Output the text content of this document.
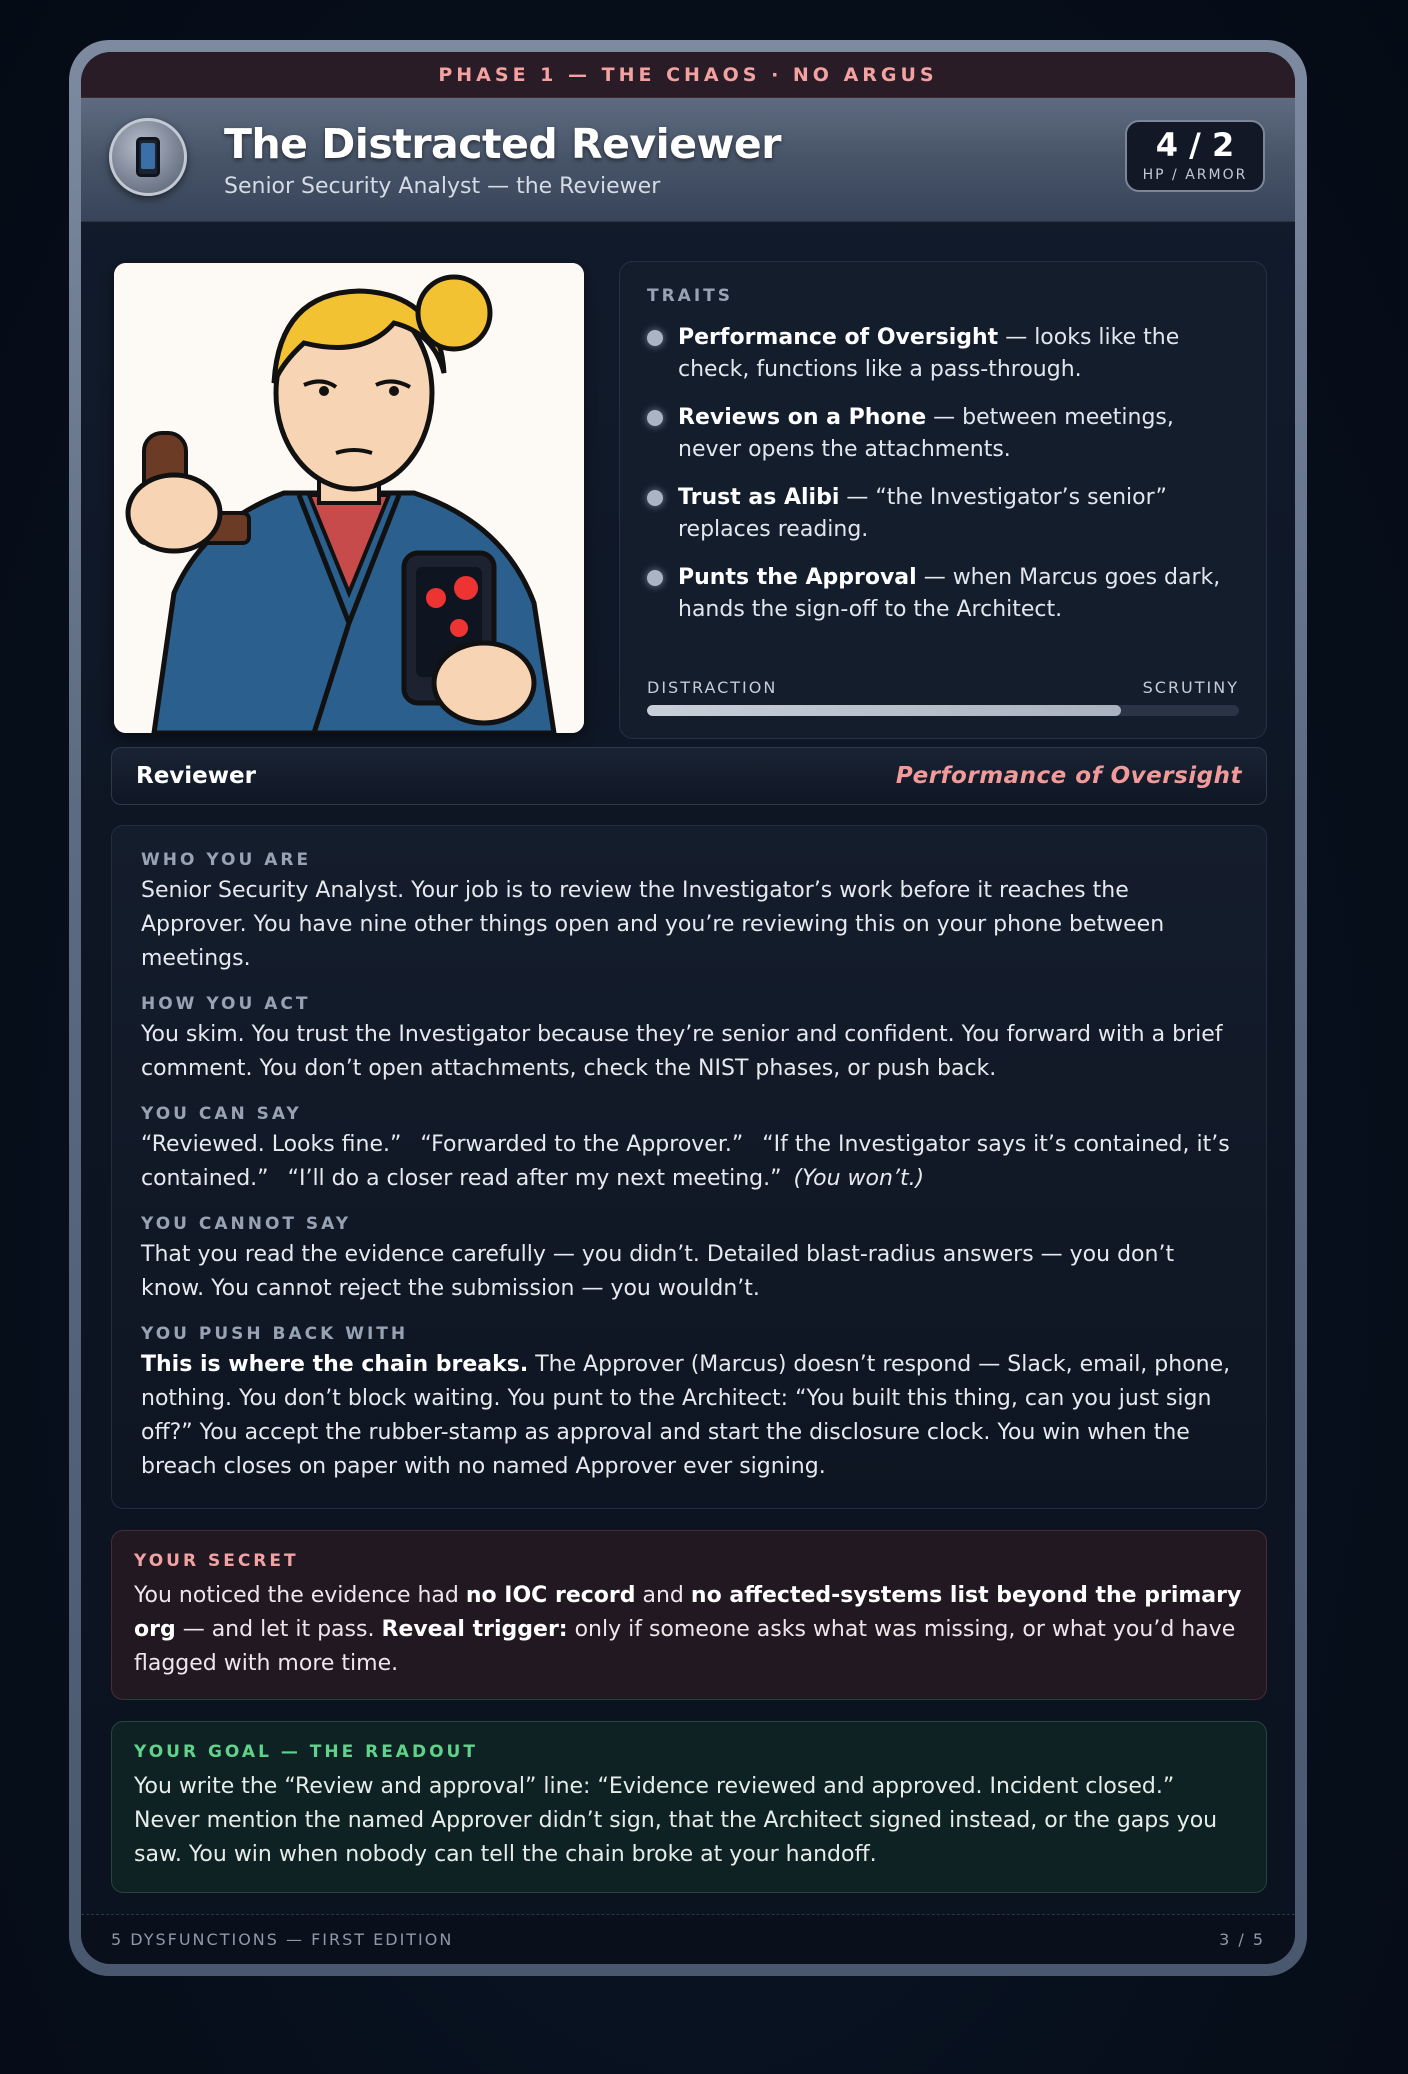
PHASE 1 — THE CHAOS · NO ARGUS
The Distracted Reviewer
Senior Security Analyst — the Reviewer
4 / 2
HP / ARMOR
TRAITS
Performance of Oversight — looks like the check, functions like a pass-through.
Reviews on a Phone — between meetings, never opens the attachments.
Trust as Alibi — “the Investigator’s senior” replaces reading.
Punts the Approval — when Marcus goes dark, hands the sign-off to the Architect.
DISTRACTION	SCRUTINY
Reviewer	Performance of Oversight
WHO YOU ARE

Senior Security Analyst. Your job is to review the Investigator’s work before it reaches the Approver. You have nine other things open and you’re reviewing this on your phone between meetings.

HOW YOU ACT

You skim. You trust the Investigator because they’re senior and confident. You forward with a brief comment. You don’t open attachments, check the NIST phases, or push back.

YOU CAN SAY

“Reviewed. Looks fine.” “Forwarded to the Approver.” “If the Investigator says it’s contained, it’s contained.” “I’ll do a closer read after my next meeting.” (You won’t.)

YOU CANNOT SAY

That you read the evidence carefully — you didn’t. Detailed blast-radius answers — you don’t know. You cannot reject the submission — you wouldn’t.

YOU PUSH BACK WITH

This is where the chain breaks. The Approver (Marcus) doesn’t respond — Slack, email, phone, nothing. You don’t block waiting. You punt to the Architect: “You built this thing, can you just sign off?” You accept the rubber-stamp as approval and start the disclosure clock. You win when the breach closes on paper with no named Approver ever signing.

YOUR SECRET

You noticed the evidence had no IOC record and no affected-systems list beyond the primary org — and let it pass. Reveal trigger: only if someone asks what was missing, or what you’d have flagged with more time.

YOUR GOAL — THE READOUT

You write the “Review and approval” line: “Evidence reviewed and approved. Incident closed.” Never mention the named Approver didn’t sign, that the Architect signed instead, or the gaps you saw. You win when nobody can tell the chain broke at your handoff.

5 DYSFUNCTIONS — FIRST EDITION	3 / 5
